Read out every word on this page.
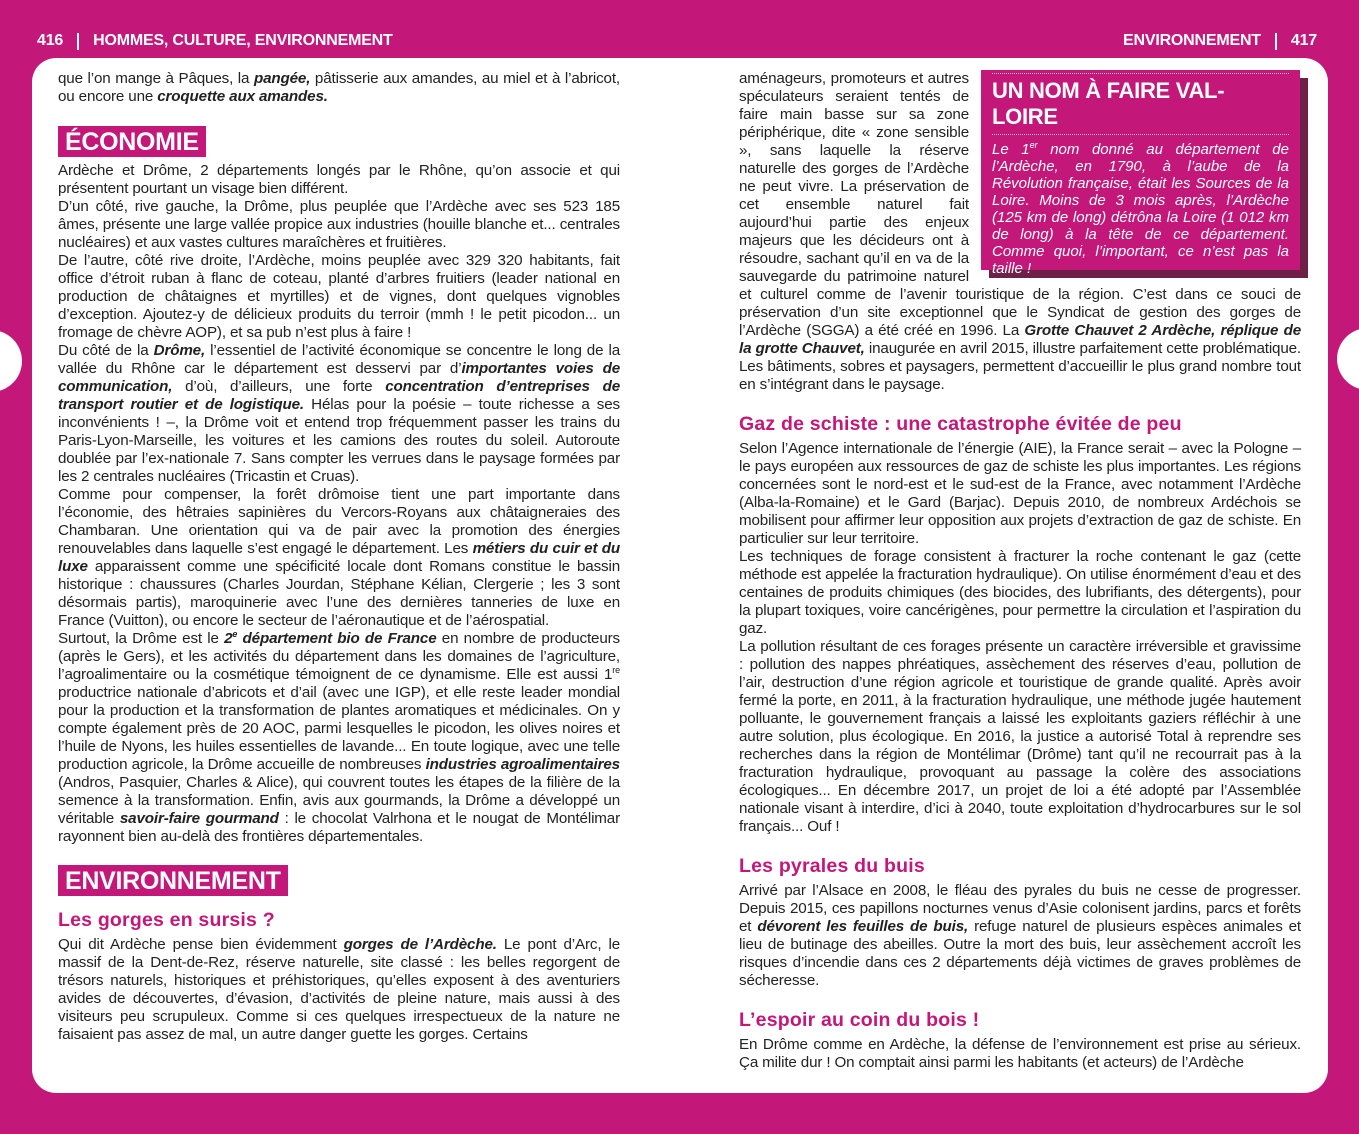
416 HOMMES, CULTURE, ENVIRONNEMENT	ENVIRONNEMENT 417

que l’on mange à Pâques, la pangée, pâtisserie aux amandes, au miel et à l’abricot, ou encore une croquette aux amandes.

ÉCONOMIE

Ardèche et Drôme, 2 départements longés par le Rhône, qu’on associe et qui présentent pourtant un visage bien différent.

D’un côté, rive gauche, la Drôme, plus peuplée que l’Ardèche avec ses 523 185 âmes, présente une large vallée propice aux industries (houille blanche et... centrales nucléaires) et aux vastes cultures maraîchères et fruitières.

De l’autre, côté rive droite, l’Ardèche, moins peuplée avec 329 320 habitants, fait office d’étroit ruban à flanc de coteau, planté d’arbres fruitiers (leader national en production de châtaignes et myrtilles) et de vignes, dont quelques vignobles d’exception. Ajoutez-y de délicieux produits du terroir (mmh ! le petit picodon... un fromage de chèvre AOP), et sa pub n’est plus à faire !

Du côté de la Drôme, l’essentiel de l’activité économique se concentre le long de la vallée du Rhône car le département est desservi par d’importantes voies de communication, d’où, d’ailleurs, une forte concentration d’entreprises de transport routier et de logistique. Hélas pour la poésie – toute richesse a ses inconvénients ! –, la Drôme voit et entend trop fréquemment passer les trains du Paris-Lyon-Marseille, les voitures et les camions des routes du soleil. Autoroute doublée par l’ex-nationale 7. Sans compter les verrues dans le paysage formées par les 2 centrales nucléaires (Tricastin et Cruas).

Comme pour compenser, la forêt drômoise tient une part importante dans l’économie, des hêtraies sapinières du Vercors-Royans aux châtaigneraies des Chambaran. Une orientation qui va de pair avec la promotion des énergies renouvelables dans laquelle s’est engagé le département. Les métiers du cuir et du luxe apparaissent comme une spécificité locale dont Romans constitue le bassin historique : chaussures (Charles Jourdan, Stéphane Kélian, Clergerie ; les 3 sont désormais partis), maroquinerie avec l’une des dernières tanneries de luxe en France (Vuitton), ou encore le secteur de l’aéronautique et de l’aérospatial.

Surtout, la Drôme est le 2e département bio de France en nombre de producteurs (après le Gers), et les activités du département dans les domaines de l’agriculture, l’agroalimentaire ou la cosmétique témoignent de ce dynamisme. Elle est aussi 1re productrice nationale d’abricots et d’ail (avec une IGP), et elle reste leader mondial pour la production et la transformation de plantes aromatiques et médicinales. On y compte également près de 20 AOC, parmi lesquelles le picodon, les olives noires et l’huile de Nyons, les huiles essentielles de lavande... En toute logique, avec une telle production agricole, la Drôme accueille de nombreuses industries agroalimentaires (Andros, Pasquier, Charles & Alice), qui couvrent toutes les étapes de la filière de la semence à la transformation. Enfin, avis aux gourmands, la Drôme a développé un véritable savoir-faire gourmand : le chocolat Valrhona et le nougat de Montélimar rayonnent bien au-delà des frontières départementales.

ENVIRONNEMENT
Les gorges en sursis ?

Qui dit Ardèche pense bien évidemment gorges de l’Ardèche. Le pont d’Arc, le massif de la Dent-de-Rez, réserve naturelle, site classé : les belles regorgent de trésors naturels, historiques et préhistoriques, qu’elles exposent à des aventuriers avides de découvertes, d’évasion, d’activités de pleine nature, mais aussi à des visiteurs peu scrupuleux. Comme si ces quelques irrespectueux de la nature ne faisaient pas assez de mal, un autre danger guette les gorges. Certains

aménageurs, promoteurs et autres spéculateurs seraient tentés de faire main basse sur sa zone périphérique, dite « zone sensible », sans laquelle la réserve naturelle des gorges de l’Ardèche ne peut vivre. La préservation de cet ensemble naturel fait aujourd’hui partie des enjeux majeurs que les décideurs ont à résoudre, sachant qu’il en va de la sauvegarde du patrimoine naturel et culturel comme de l’avenir touristique de la région. C’est dans ce souci de préservation d’un site exceptionnel que le Syndicat de gestion des gorges de l’Ardèche (SGGA) a été créé en 1996. La Grotte Chauvet 2 Ardèche, réplique de la grotte Chauvet, inaugurée en avril 2015, illustre parfaitement cette problématique. Les bâtiments, sobres et paysagers, permettent d’accueillir le plus grand nombre tout en s’intégrant dans le paysage.

Gaz de schiste : une catastrophe évitée de peu

Selon l’Agence internationale de l’énergie (AIE), la France serait – avec la Pologne – le pays européen aux ressources de gaz de schiste les plus importantes. Les régions concernées sont le nord-est et le sud-est de la France, avec notamment l’Ardèche (Alba-la-Romaine) et le Gard (Barjac). Depuis 2010, de nombreux Ardéchois se mobilisent pour affirmer leur opposition aux projets d’extraction de gaz de schiste. En particulier sur leur territoire.

Les techniques de forage consistent à fracturer la roche contenant le gaz (cette méthode est appelée la fracturation hydraulique). On utilise énormément d’eau et des centaines de produits chimiques (des biocides, des lubrifiants, des détergents), pour la plupart toxiques, voire cancérigènes, pour permettre la circulation et l’aspiration du gaz.

La pollution résultant de ces forages présente un caractère irréversible et gravissime : pollution des nappes phréatiques, assèchement des réserves d’eau, pollution de l’air, destruction d’une région agricole et touristique de grande qualité. Après avoir fermé la porte, en 2011, à la fracturation hydraulique, une méthode jugée hautement polluante, le gouvernement français a laissé les exploitants gaziers réfléchir à une autre solution, plus écologique. En 2016, la justice a autorisé Total à reprendre ses recherches dans la région de Montélimar (Drôme) tant qu’il ne recourrait pas à la fracturation hydraulique, provoquant au passage la colère des associations écologiques... En décembre 2017, un projet de loi a été adopté par l’Assemblée nationale visant à interdire, d’ici à 2040, toute exploitation d’hydrocarbures sur le sol français... Ouf !

Les pyrales du buis

Arrivé par l’Alsace en 2008, le fléau des pyrales du buis ne cesse de progresser. Depuis 2015, ces papillons nocturnes venus d’Asie colonisent jardins, parcs et forêts et dévorent les feuilles de buis, refuge naturel de plusieurs espèces animales et lieu de butinage des abeilles. Outre la mort des buis, leur assèchement accroît les risques d’incendie dans ces 2 départements déjà victimes de graves problèmes de sécheresse.

L’espoir au coin du bois !

En Drôme comme en Ardèche, la défense de l’environnement est prise au sérieux. Ça milite dur ! On comptait ainsi parmi les habitants (et acteurs) de l’Ardèche

UN NOM À FAIRE VAL-LOIRE
Le 1er nom donné au département de l’Ardèche, en 1790, à l’aube de la Révolution française, était les Sources de la Loire. Moins de 3 mois après, l’Ardèche (125 km de long) détrôna la Loire (1 012 km de long) à la tête de ce département. Comme quoi, l’important, ce n’est pas la taille !
